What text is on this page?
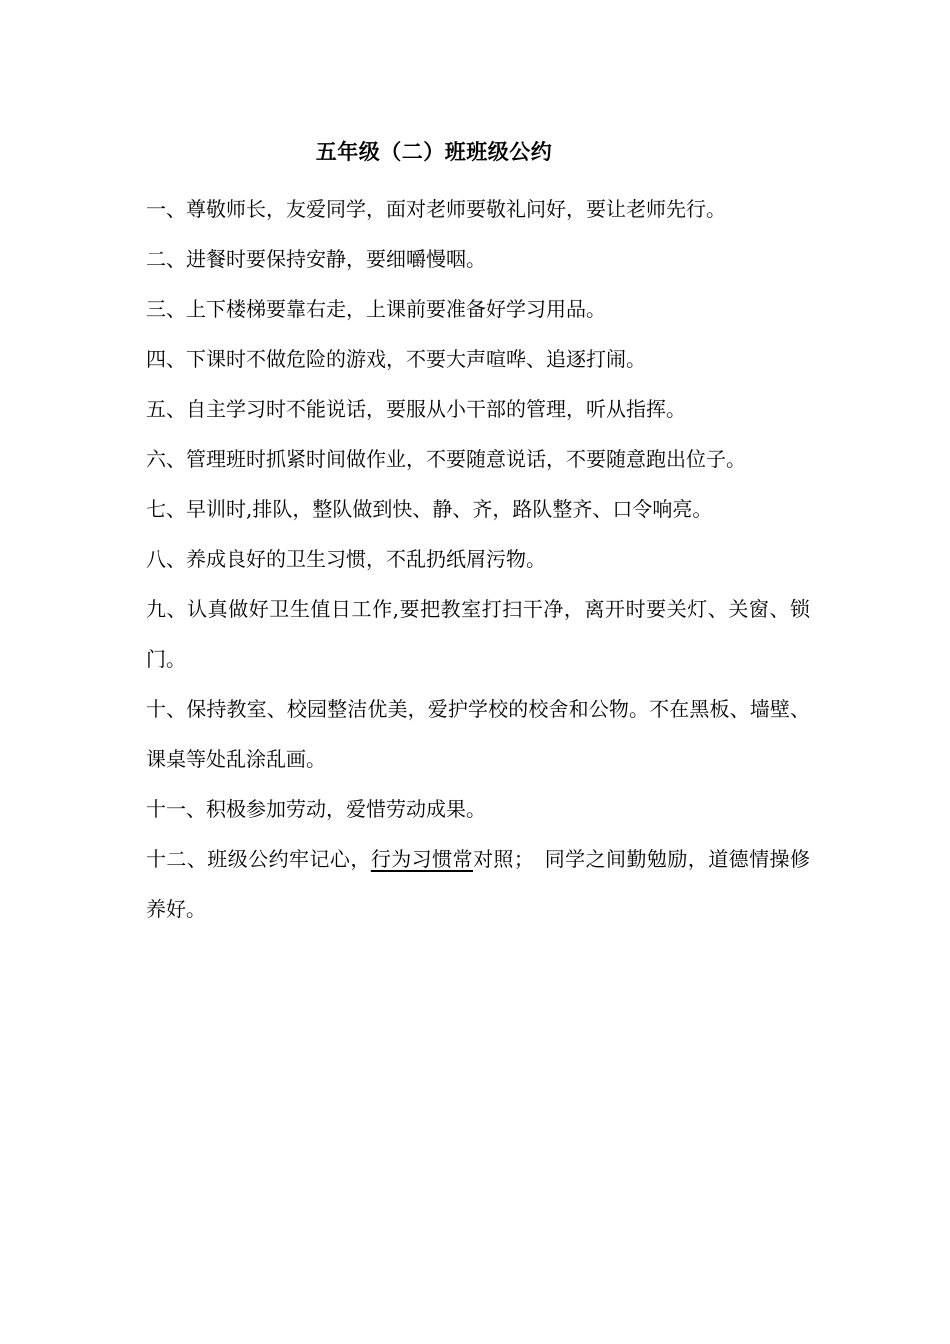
五年级（二）班班级公约

一、尊敬师长，友爱同学，面对老师要敬礼问好，要让老师先行。

二、进餐时要保持安静，要细嚼慢咽。

三、上下楼梯要靠右走，上课前要准备好学习用品。

四、下课时不做危险的游戏，不要大声喧哗、追逐打闹。

五、自主学习时不能说话，要服从小干部的管理，听从指挥。

六、管理班时抓紧时间做作业，不要随意说话，不要随意跑出位子。

七、早训时,排队，整队做到快、静、齐，路队整齐、口令响亮。

八、养成良好的卫生习惯，不乱扔纸屑污物。

九、认真做好卫生值日工作,要把教室打扫干净，离开时要关灯、关窗、锁门。

十、保持教室、校园整洁优美，爱护学校的校舍和公物。不在黑板、墙壁、课桌等处乱涂乱画。

十一、积极参加劳动，爱惜劳动成果。

十二、班级公约牢记心，行为习惯常对照；　同学之间勤勉励，道德情操修养好。
